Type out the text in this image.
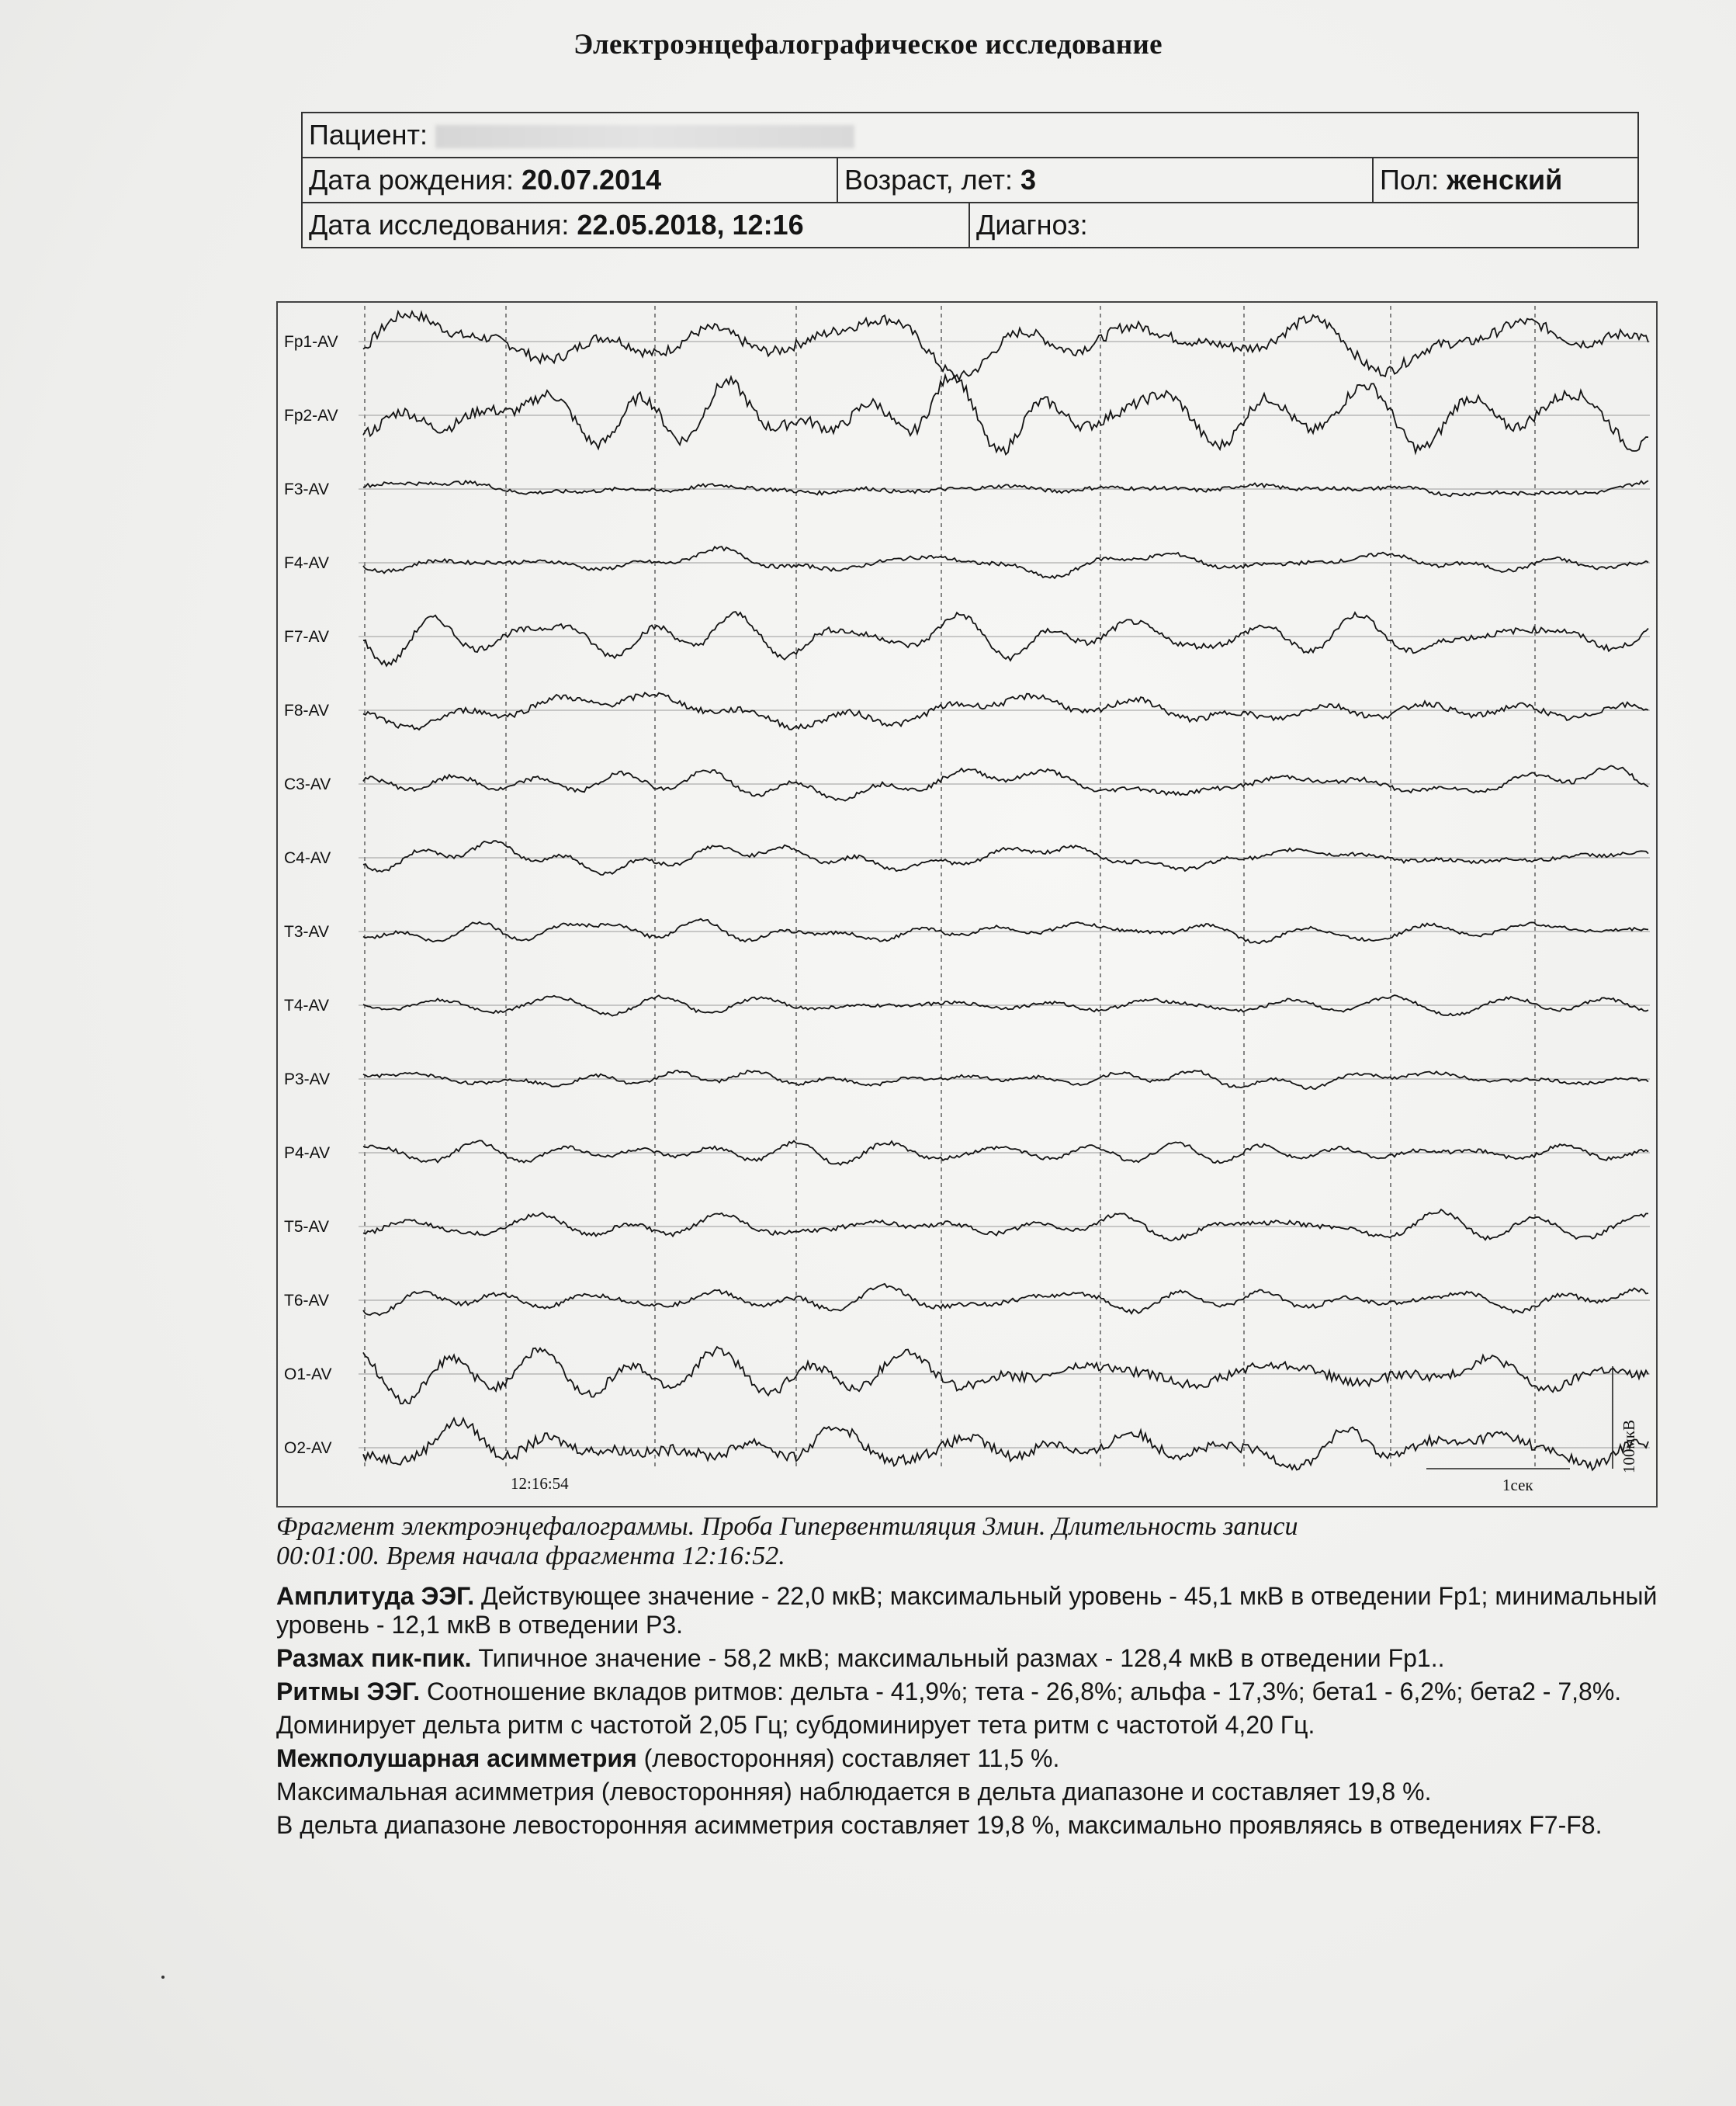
Электроэнцефалографическое исследование
Пациент:			
Дата рождения: 20.07.2014	Возраст, лет: 3		Пол: женский
Дата исследования: 22.05.2018, 12:16		Диагноз:	
Fp1-AV
Fp2-AV
F3-AV
F4-AV
F7-AV
F8-AV
C3-AV
C4-AV
T3-AV
T4-AV
P3-AV
P4-AV
T5-AV
T6-AV
O1-AV
O2-AV
12:16:54	1сек
100мкВ
Фрагмент электроэнцефалограммы. Проба Гипервентиляция 3мин. Длительность записи
00:01:00. Время начала фрагмента 12:16:52.

Амплитуда ЭЭГ. Действующее значение - 22,0 мкВ; максимальный уровень - 45,1 мкВ в отведении Fp1; минимальный уровень - 12,1 мкВ в отведении P3.

Размах пик-пик. Типичное значение - 58,2 мкВ; максимальный размах - 128,4 мкВ в отведении Fp1..

Ритмы ЭЭГ. Соотношение вкладов ритмов: дельта - 41,9%; тета - 26,8%; альфа - 17,3%; бета1 - 6,2%; бета2 - 7,8%.

Доминирует дельта ритм с частотой 2,05 Гц; субдоминирует тета ритм с частотой 4,20 Гц.

Межполушарная асимметрия (левосторонняя) составляет 11,5 %.

Максимальная асимметрия (левосторонняя) наблюдается в дельта диапазоне и составляет 19,8 %.

В дельта диапазоне левосторонняя асимметрия составляет 19,8 %, максимально проявляясь в отведениях F7-F8.
